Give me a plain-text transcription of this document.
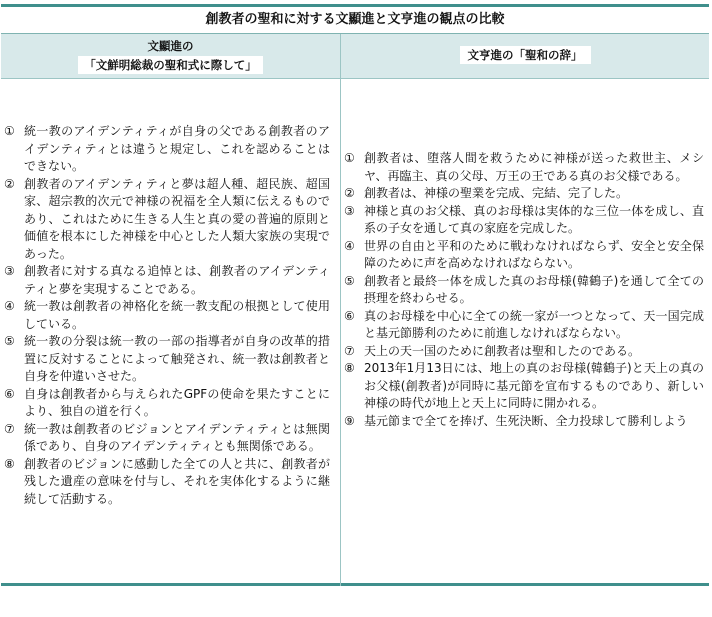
創教者の聖和に対する文顯進と文亨進の観点の比較
文顯進の
「文鮮明総裁の聖和式に際して」
文亨進の「聖和の辞」
① 統一教のアイデンティティが自身の父である創教者のアイデンティティとは違うと規定し、これを認めることはできない。
② 創教者のアイデンティティと夢は超人種、超民族、超国家、超宗教的次元で神様の祝福を全人類に伝えるものであり、これはために生きる人生と真の愛の普遍的原則と価値を根本にした神様を中心とした人類大家族の実現であった。
③ 創教者に対する真なる追悼とは、創教者のアイデンティティと夢を実現することである。
④ 統一教は創教者の神格化を統一教支配の根拠として使用している。
⑤ 統一教の分裂は統一教の一部の指導者が自身の改革的措置に反対することによって触発され、統一教は創教者と自身を仲違いさせた。
⑥ 自身は創教者から与えられたGPFの使命を果たすことにより、独自の道を行く。
⑦ 統一教は創教者のビジョンとアイデンティティとは無関係であり、自身のアイデンティティとも無関係である。
⑧ 創教者のビジョンに感動した全ての人と共に、創教者が残した遺産の意味を付与し、それを実体化するように継続して活動する。
① 創教者は、堕落人間を救うために神様が送った救世主、メシヤ、再臨主、真の父母、万王の王である真のお父様である。
② 創教者は、神様の聖業を完成、完結、完了した。
③ 神様と真のお父様、真のお母様は実体的な三位一体を成し、直系の子女を通して真の家庭を完成した。
④ 世界の自由と平和のために戦わなければならず、安全と安全保障のために声を高めなければならない。
⑤ 創教者と最終一体を成した真のお母様(韓鶴子)を通して全ての摂理を終わらせる。
⑥ 真のお母様を中心に全ての統一家が一つとなって、天一国完成と基元節勝利のために前進しなければならない。
⑦ 天上の天一国のために創教者は聖和したのである。
⑧ 2013年1月13日には、地上の真のお母様(韓鶴子)と天上の真のお父様(創教者)が同時に基元節を宣布するものであり、新しい神様の時代が地上と天上に同時に開かれる。
⑨ 基元節まで全てを捧げ、生死決断、全力投球して勝利しよう
